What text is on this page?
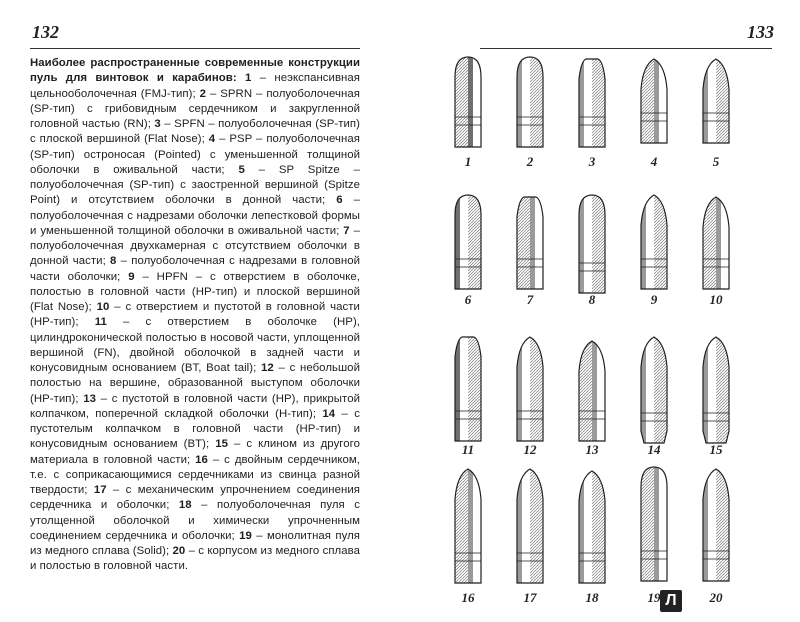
132
Наиболее распространенные современные конструкции пуль для винтовок и карабинов: 1 – неэкспансивная цельнооболочечная (FMJ-тип); 2 – SPRN – полуоболочечная (SP-тип) с грибовидным сердечником и закругленной головной частью (RN); 3 – SPFN – полуоболочечная (SP-тип) с плоской вершиной (Flat Nose); 4 – PSP – полуоболочечная (SP-тип) остроносая (Pointed) с уменьшенной толщиной оболочки в оживальной части; 5 – SP Spitze – полуоболочечная (SP-тип) с заостренной вершиной (Spitze Point) и отсутствием оболочки в донной части; 6 – полуоболочечная с надрезами оболочки лепестковой формы и уменьшенной толщиной оболочки в оживальной части; 7 – полуоболочечная двухкамерная с отсутствием оболочки в донной части; 8 – полуоболочечная с надрезами в головной части оболочки; 9 – HPFN – с отверстием в оболочке, полостью в головной части (HP-тип) и плоской вершиной (Flat Nose); 10 – с отверстием и пустотой в головной части (HP-тип); 11 – с отверстием в оболочке (HP), цилиндроконической полостью в носовой части, уплощенной вершиной (FN), двойной оболочкой в задней части и конусовидным основанием (BT, Boat tail); 12 – с небольшой полостью на вершине, образованной выступом оболочки (HP-тип); 13 – с пустотой в головной части (HP), прикрытой колпачком, поперечной складкой оболочки (H-тип); 14 – с пустотелым колпачком в головной части (HP-тип) и конусовидным основанием (BT); 15 – с клином из другого материала в головной части; 16 – с двойным сердечником, т.е. с соприкасающимися сердечниками из свинца разной твердости; 17 – с механическим упрочнением соединения сердечника и оболочки; 18 – полуоболочечная пуля с утолщенной оболочкой и химически упрочненным соединением сердечника и оболочки; 19 – монолитная пуля из медного сплава (Solid); 20 – с корпусом из медного сплава и полостью в головной части.
133
1	2	3	4	5
6	7	8	9	10
11	12	13	14	15
16	17	18	19	20
Л
